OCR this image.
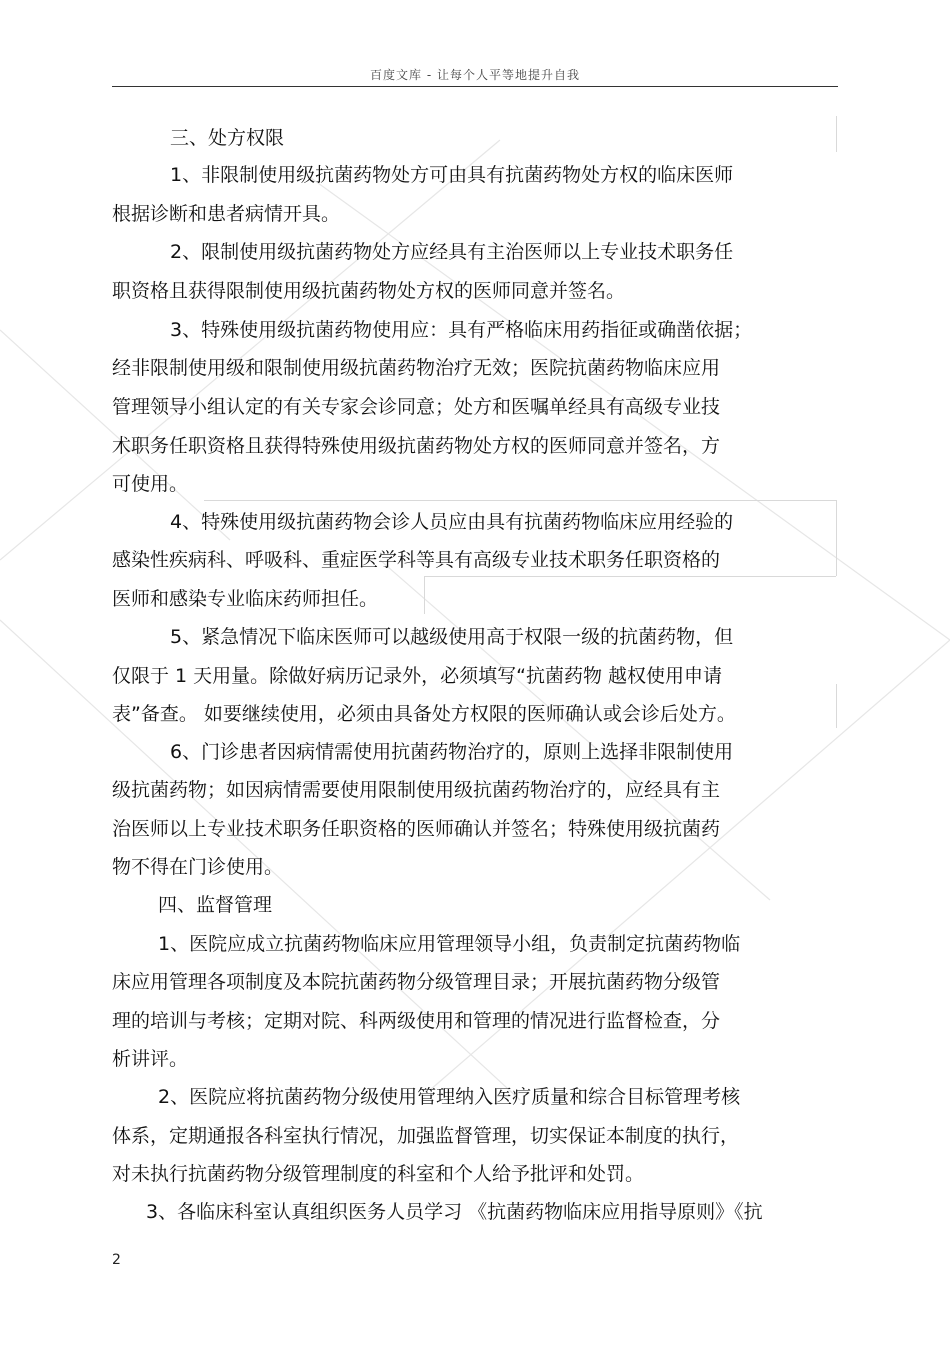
百度文库 - 让每个人平等地提升自我
三、处方权限
1、非限制使用级抗菌药物处方可由具有抗菌药物处方权的临床医师
根据诊断和患者病情开具。
2、限制使用级抗菌药物处方应经具有主治医师以上专业技术职务任
职资格且获得限制使用级抗菌药物处方权的医师同意并签名。
3、特殊使用级抗菌药物使用应：具有严格临床用药指征或确凿依据；
经非限制使用级和限制使用级抗菌药物治疗无效；医院抗菌药物临床应用
管理领导小组认定的有关专家会诊同意；处方和医嘱单经具有高级专业技
术职务任职资格且获得特殊使用级抗菌药物处方权的医师同意并签名，方
可使用。
4、特殊使用级抗菌药物会诊人员应由具有抗菌药物临床应用经验的
感染性疾病科、呼吸科、重症医学科等具有高级专业技术职务任职资格的
医师和感染专业临床药师担任。
5、紧急情况下临床医师可以越级使用高于权限一级的抗菌药物，但
仅限于 1 天用量。除做好病历记录外，必须填写“抗菌药物 越权使用申请
表”备查。 如要继续使用，必须由具备处方权限的医师确认或会诊后处方。
6、门诊患者因病情需使用抗菌药物治疗的，原则上选择非限制使用
级抗菌药物；如因病情需要使用限制使用级抗菌药物治疗的，应经具有主
治医师以上专业技术职务任职资格的医师确认并签名；特殊使用级抗菌药
物不得在门诊使用。
四、监督管理
1、医院应成立抗菌药物临床应用管理领导小组，负责制定抗菌药物临
床应用管理各项制度及本院抗菌药物分级管理目录；开展抗菌药物分级管
理的培训与考核；定期对院、科两级使用和管理的情况进行监督检查，分
析讲评。
2、医院应将抗菌药物分级使用管理纳入医疗质量和综合目标管理考核
体系，定期通报各科室执行情况，加强监督管理，切实保证本制度的执行，
对未执行抗菌药物分级管理制度的科室和个人给予批评和处罚。
3、各临床科室认真组织医务人员学习 《抗菌药物临床应用指导原则》《抗
2
